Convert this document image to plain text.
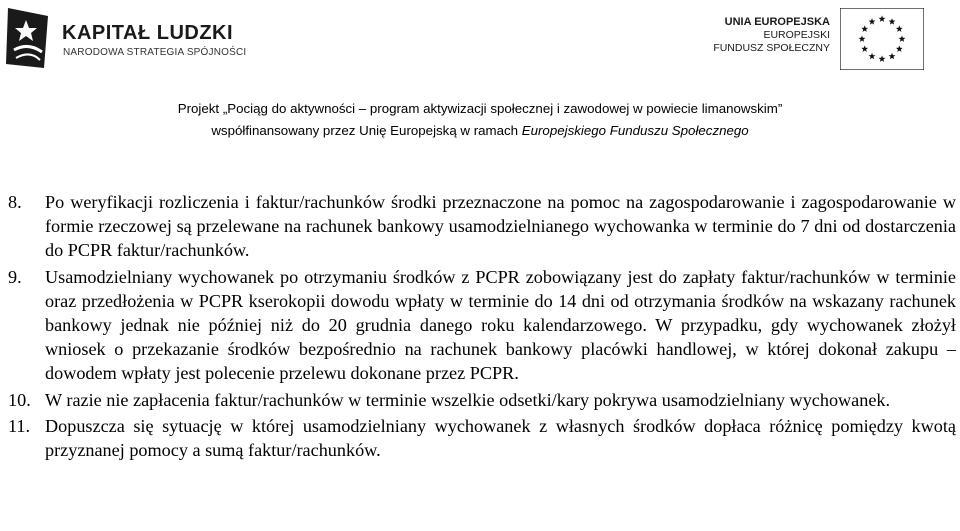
KAPITAŁ LUDZKI
NARODOWA STRATEGIA SPÓJNOŚCI
UNIA EUROPEJSKA
EUROPEJSKI
FUNDUSZ SPOŁECZNY
Projekt „Pociąg do aktywności – program aktywizacji społecznej i zawodowej w powiecie limanowskim”
współfinansowany przez Unię Europejską w ramach Europejskiego Funduszu Społecznego
8. Po weryfikacji rozliczenia i faktur/rachunków środki przeznaczone na pomoc na zagospodarowanie i zagospodarowanie w formie rzeczowej są przelewane na rachunek bankowy usamodzielnianego wychowanka w terminie do 7 dni od dostarczenia do PCPR faktur/rachunków.
9. Usamodzielniany wychowanek po otrzymaniu środków z PCPR zobowiązany jest do zapłaty faktur/rachunków w terminie oraz przedłożenia w PCPR kserokopii dowodu wpłaty w terminie do 14 dni od otrzymania środków na wskazany rachunek bankowy jednak nie później niż do 20 grudnia danego roku kalendarzowego. W przypadku, gdy wychowanek złożył wniosek o przekazanie środków bezpośrednio na rachunek bankowy placówki handlowej, w której dokonał zakupu – dowodem wpłaty jest polecenie przelewu dokonane przez PCPR.
10. W razie nie zapłacenia faktur/rachunków w terminie wszelkie odsetki/kary pokrywa usamodzielniany wychowanek.
11. Dopuszcza się sytuację w której usamodzielniany wychowanek z własnych środków dopłaca różnicę pomiędzy kwotą przyznanej pomocy a sumą faktur/rachunków.
